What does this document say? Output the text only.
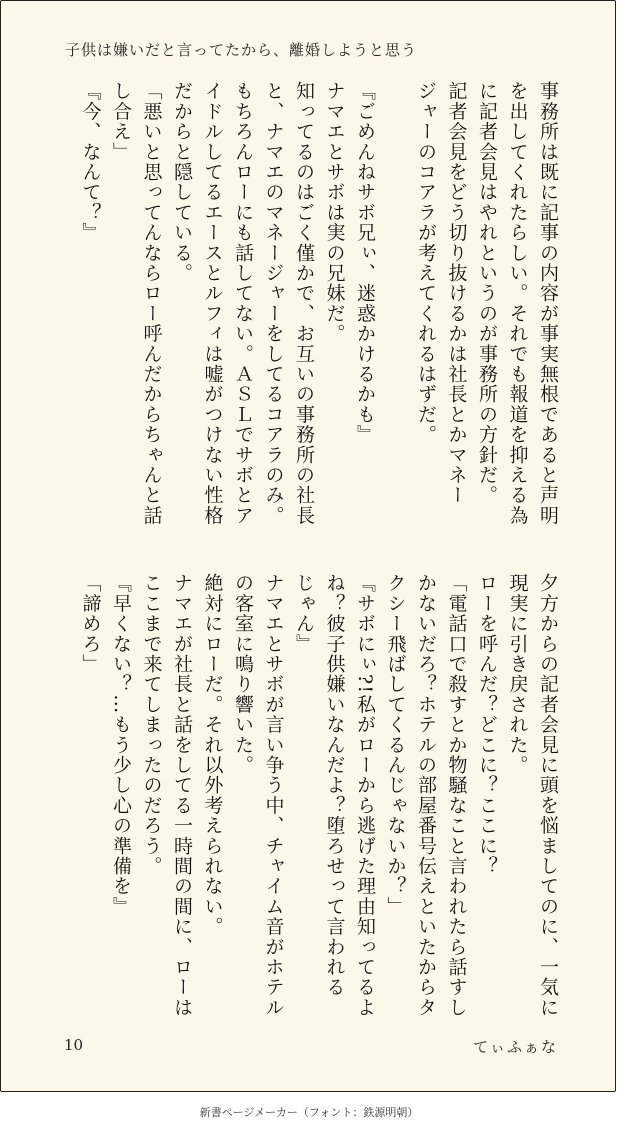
子供は嫌いだと言ってたから、離婚しようと思う
事務所は既に記事の内容が事実無根であると声明
を出してくれたらしい。それでも報道を抑える為
に記者会見はやれというのが事務所の方針だ。
記者会見をどう切り抜けるかは社長とかマネー
ジャーのコアラが考えてくれるはずだ。
『ごめんねサボ兄ぃ、迷惑かけるかも』
ナマエとサボは実の兄妹だ。
知ってるのはごく僅かで、お互いの事務所の社長
と、ナマエのマネージャーをしてるコアラのみ。
もちろんローにも話してない。ＡＳＬでサボとア
イドルしてるエースとルフィは嘘がつけない性格
だからと隠している。
「悪いと思ってんならロー呼んだからちゃんと話
し合え」
『今、なんて？』
夕方からの記者会見に頭を悩ましてのに、一気に
現実に引き戻された。
ローを呼んだ？どこに？ここに？
「電話口で殺すとか物騒なこと言われたら話すし
かないだろ？ホテルの部屋番号伝えといたからタ
クシー飛ばしてくるんじゃないか？」
『サボにぃ?!私がローから逃げた理由知ってるよ
ね？彼子供嫌いなんだよ？堕ろせって言われる
じゃん』
ナマエとサボが言い争う中、チャイム音がホテル
の客室に鳴り響いた。
絶対にローだ。それ以外考えられない。
ナマエが社長と話をしてる一時間の間に、ローは
ここまで来てしまったのだろう。
『早くない？…もう少し心の準備を』
「諦めろ」
10	てぃふぁな
新書ページメーカー（フォント：鉄源明朝）
